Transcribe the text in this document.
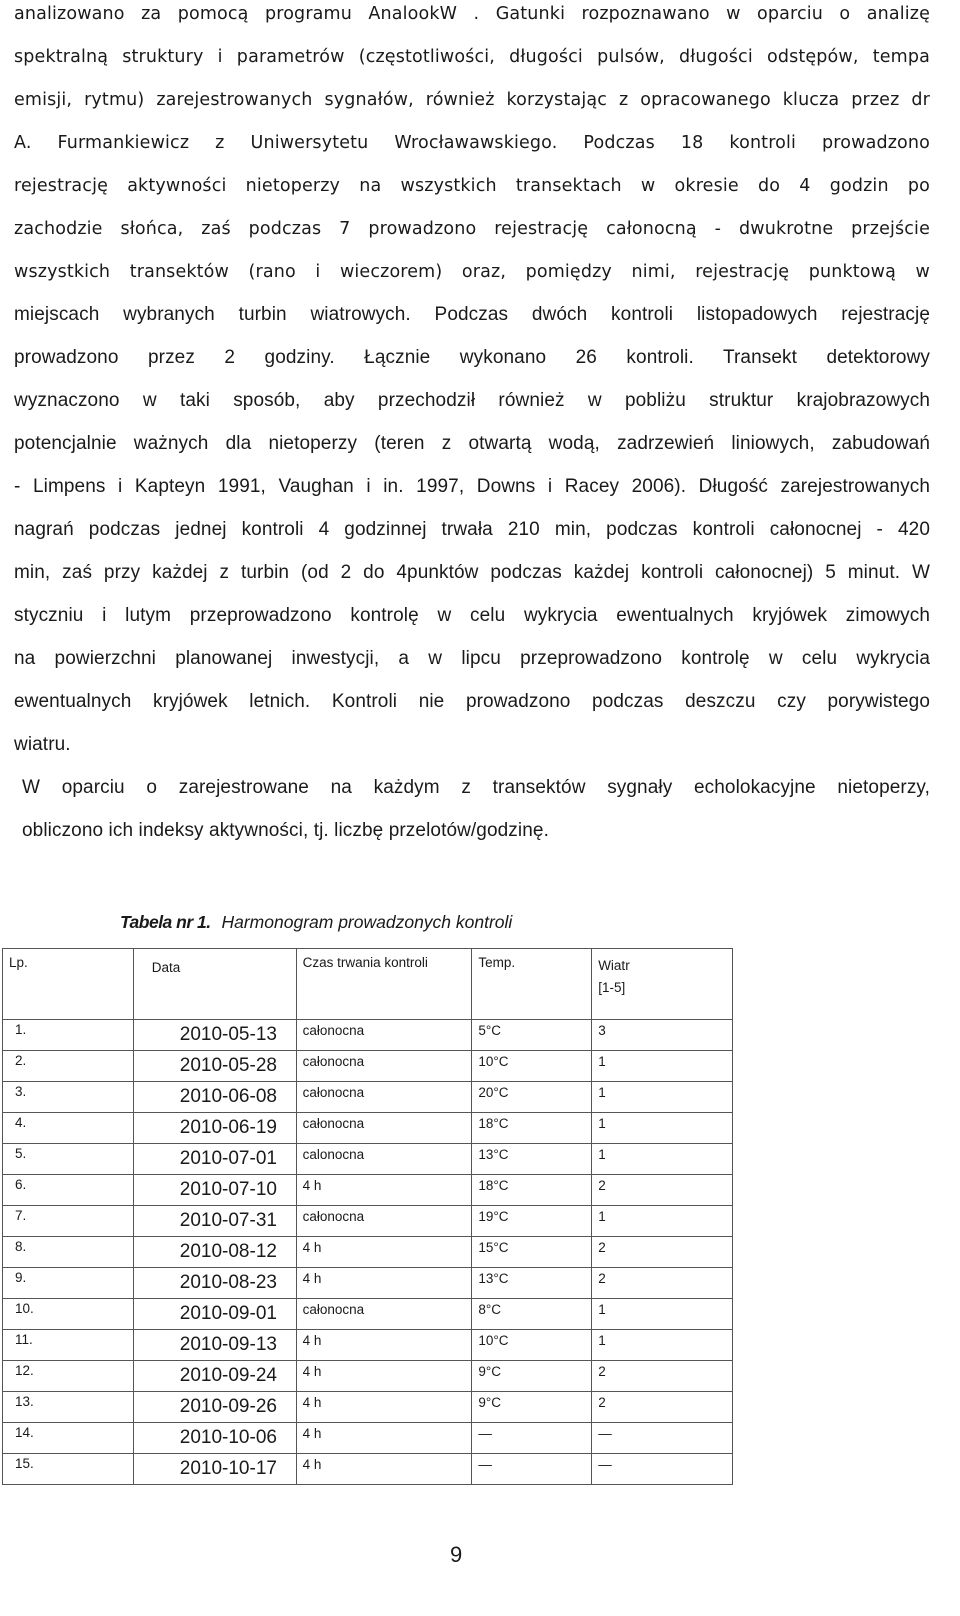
analizowano za pomocą programu AnalookW . Gatunki rozpoznawano w oparciu o analizę
spektralną struktury i parametrów (częstotliwości, długości pulsów, długości odstępów, tempa
emisji, rytmu) zarejestrowanych sygnałów, również korzystając z opracowanego klucza przez dr
A. Furmankiewicz z Uniwersytetu Wrocławawskiego. Podczas 18 kontroli prowadzono
rejestrację aktywności nietoperzy na wszystkich transektach w okresie do 4 godzin po
zachodzie słońca, zaś podczas 7 prowadzono rejestrację całonocną - dwukrotne przejście
wszystkich transektów (rano i wieczorem) oraz, pomiędzy nimi, rejestrację punktową w
miejscach wybranych turbin wiatrowych. Podczas dwóch kontroli listopadowych rejestrację
prowadzono przez 2 godziny. Łącznie wykonano 26 kontroli. Transekt detektorowy
wyznaczono w taki sposób, aby przechodził również w pobliżu struktur krajobrazowych
potencjalnie ważnych dla nietoperzy (teren z otwartą wodą, zadrzewień liniowych, zabudowań
- Limpens i Kapteyn 1991, Vaughan i in. 1997, Downs i Racey 2006). Długość zarejestrowanych
nagrań podczas jednej kontroli 4 godzinnej trwała 210 min, podczas kontroli całonocnej - 420
min, zaś przy każdej z turbin (od 2 do 4punktów podczas każdej kontroli całonocnej) 5 minut. W
styczniu i lutym przeprowadzono kontrolę w celu wykrycia ewentualnych kryjówek zimowych
na powierzchni planowanej inwestycji, a w lipcu przeprowadzono kontrolę w celu wykrycia
ewentualnych kryjówek letnich. Kontroli nie prowadzono podczas deszczu czy porywistego
wiatru.
W oparciu o zarejestrowane na każdym z transektów sygnały echolokacyjne nietoperzy,
obliczono ich indeksy aktywności, tj. liczbę przelotów/godzinę.
Tabela nr 1. Harmonogram prowadzonych kontroli
Lp.	Data	Czas trwania kontroli	Temp.	Wiatr
[1-5]

1.	2010-05-13	całonocna	5°C	3
2.	2010-05-28	całonocna	10°C	1
3.	2010-06-08	całonocna	20°C	1
4.	2010-06-19	całonocna	18°C	1
5.	2010-07-01	calonocna	13°C	1
6.	2010-07-10	4 h	18°C	2
7.	2010-07-31	całonocna	19°C	1
8.	2010-08-12	4 h	15°C	2
9.	2010-08-23	4 h	13°C	2
10.	2010-09-01	całonocna	8°C	1
11.	2010-09-13	4 h	10°C	1
12.	2010-09-24	4 h	9°C	2
13.	2010-09-26	4 h	9°C	2
14.	2010-10-06	4 h	—	—
15.	2010-10-17	4 h	—	—
9
